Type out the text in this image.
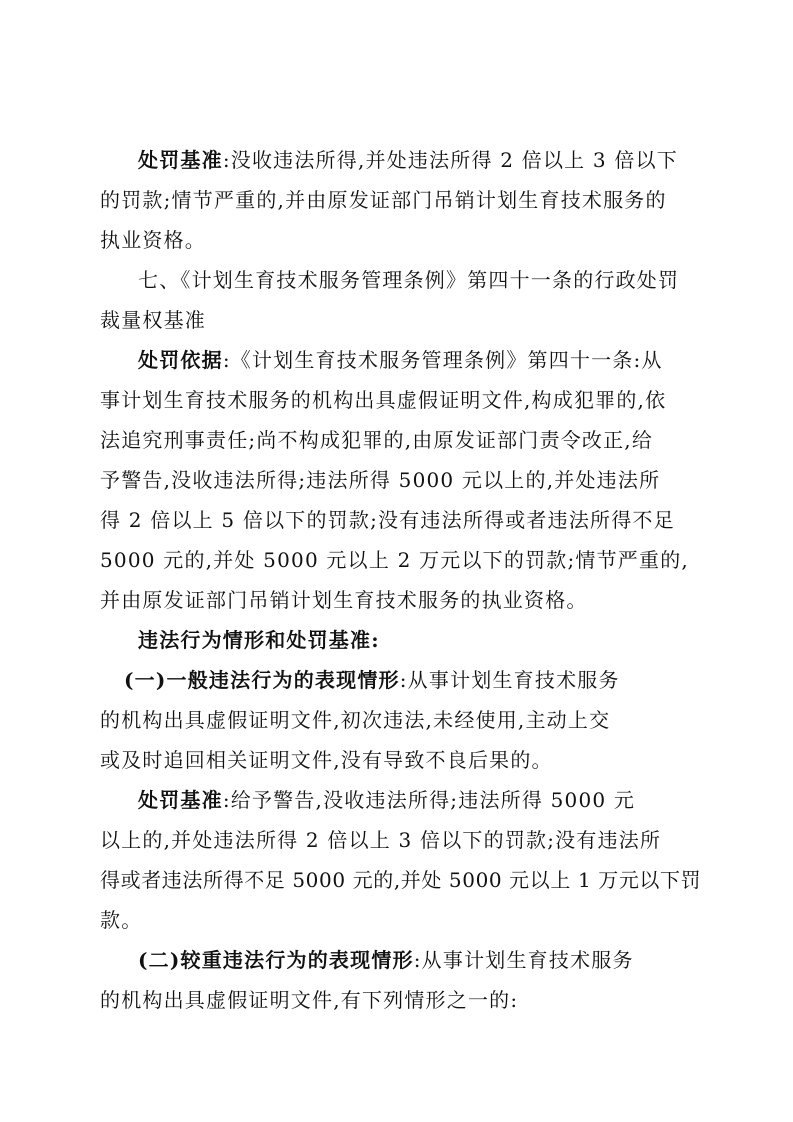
处罚基准:没收违法所得,并处违法所得 2 倍以上 3 倍以下

的罚款;情节严重的,并由原发证部门吊销计划生育技术服务的

执业资格。

七、《计划生育技术服务管理条例》第四十一条的行政处罚

裁量权基准

处罚依据:《计划生育技术服务管理条例》第四十一条:从

事计划生育技术服务的机构出具虚假证明文件,构成犯罪的,依

法追究刑事责任;尚不构成犯罪的,由原发证部门责令改正,给

予警告,没收违法所得;违法所得 5000 元以上的,并处违法所

得 2 倍以上 5 倍以下的罚款;没有违法所得或者违法所得不足

5000 元的,并处 5000 元以上 2 万元以下的罚款;情节严重的,

并由原发证部门吊销计划生育技术服务的执业资格。

违法行为情形和处罚基准:

(一)一般违法行为的表现情形:从事计划生育技术服务

的机构出具虚假证明文件,初次违法,未经使用,主动上交

或及时追回相关证明文件,没有导致不良后果的。

处罚基准:给予警告,没收违法所得;违法所得 5000 元

以上的,并处违法所得 2 倍以上 3 倍以下的罚款;没有违法所

得或者违法所得不足 5000 元的,并处 5000 元以上 1 万元以下罚

款。

(二)较重违法行为的表现情形:从事计划生育技术服务

的机构出具虚假证明文件,有下列情形之一的:
